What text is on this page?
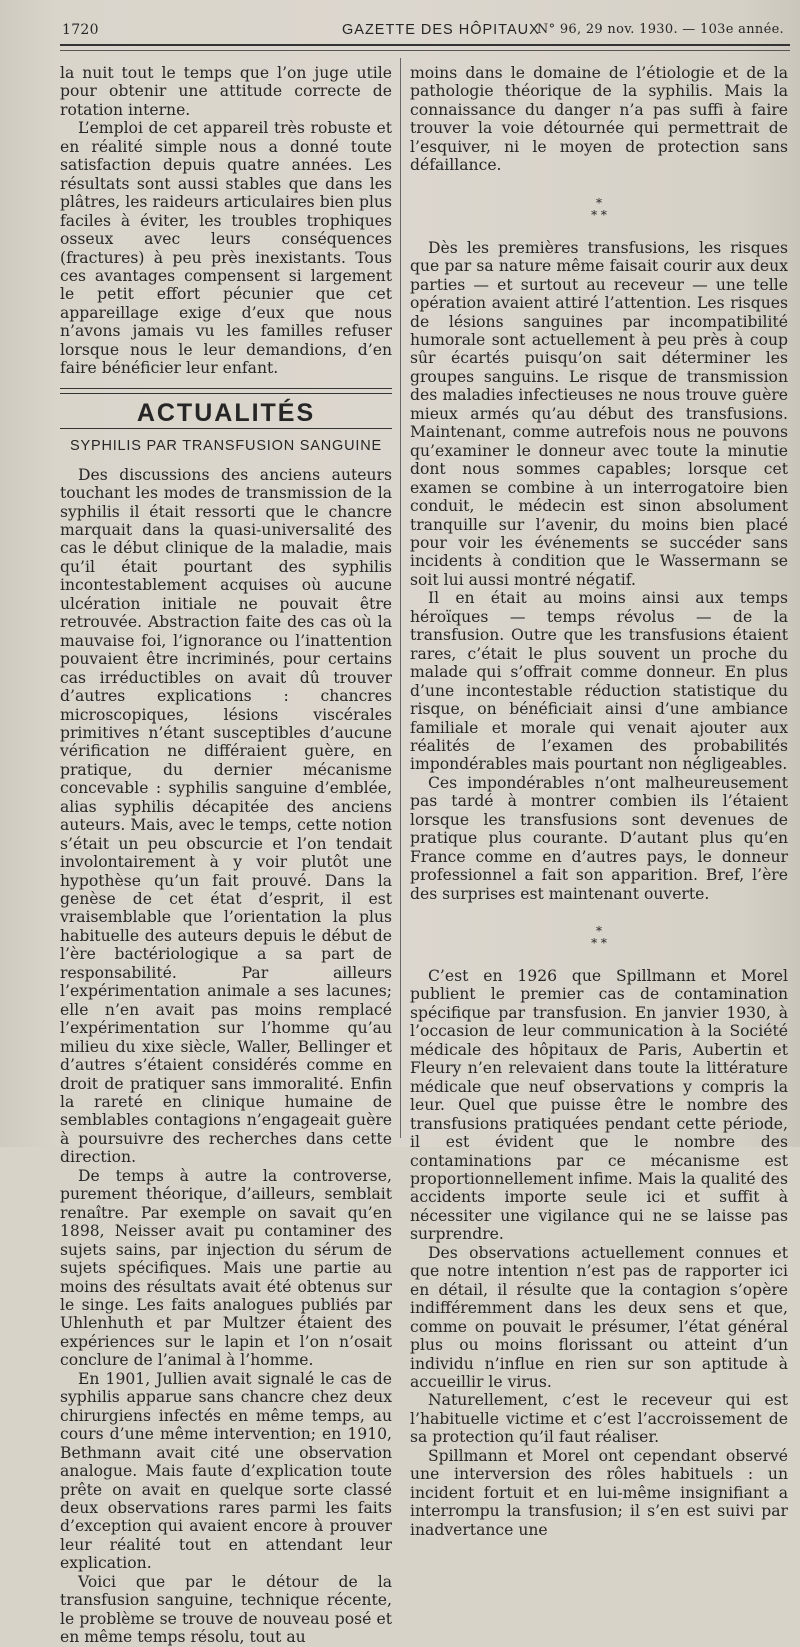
1720	GAZETTE DES HÔPITAUX
N° 96, 29 nov. 1930. — 103e année.

la nuit tout le temps que l’on juge utile pour obtenir une attitude correcte de rotation interne.

L’emploi de cet appareil très robuste et en réalité simple nous a donné toute satisfaction depuis quatre années. Les résultats sont aussi stables que dans les plâtres, les raideurs articulaires bien plus faciles à éviter, les troubles trophiques osseux avec leurs conséquences (fractures) à peu près inexistants. Tous ces avantages compensent si largement le petit effort pécunier que cet appareillage exige d’eux que nous n’avons jamais vu les familles refuser lorsque nous le leur demandions, d’en faire bénéficier leur enfant.

ACTUALITÉS
SYPHILIS PAR TRANSFUSION SANGUINE

Des discussions des anciens auteurs touchant les modes de transmission de la syphilis il était ressorti que le chancre marquait dans la quasi-universalité des cas le début clinique de la maladie, mais qu’il était pourtant des syphilis incontestablement acquises où aucune ulcération initiale ne pouvait être retrouvée. Abstraction faite des cas où la mauvaise foi, l’ignorance ou l’inattention pouvaient être incriminés, pour certains cas irréductibles on avait dû trouver d’autres explications : chancres microscopiques, lésions viscérales primitives n’étant susceptibles d’aucune vérification ne différaient guère, en pratique, du dernier mécanisme concevable : syphilis sanguine d’emblée, alias syphilis décapitée des anciens auteurs. Mais, avec le temps, cette notion s’était un peu obscurcie et l’on tendait involontairement à y voir plutôt une hypothèse qu’un fait prouvé. Dans la genèse de cet état d’esprit, il est vraisemblable que l’orientation la plus habituelle des auteurs depuis le début de l’ère bactériologique a sa part de responsabilité. Par ailleurs l’expérimentation animale a ses lacunes; elle n’en avait pas moins remplacé l’expérimentation sur l’homme qu’au milieu du xixe siècle, Waller, Bellinger et d’autres s’étaient considérés comme en droit de pratiquer sans immoralité. Enfin la rareté en clinique humaine de semblables contagions n’engageait guère à poursuivre des recherches dans cette direction.

De temps à autre la controverse, purement théorique, d’ailleurs, semblait renaître. Par exemple on savait qu’en 1898, Neisser avait pu contaminer des sujets sains, par injection du sérum de sujets spécifiques. Mais une partie au moins des résultats avait été obtenus sur le singe. Les faits analogues publiés par Uhlenhuth et par Multzer étaient des expériences sur le lapin et l’on n’osait conclure de l’animal à l’homme.

En 1901, Jullien avait signalé le cas de syphilis apparue sans chancre chez deux chirurgiens infectés en même temps, au cours d’une même intervention; en 1910, Bethmann avait cité une observation analogue. Mais faute d’explication toute prête on avait en quelque sorte classé deux observations rares parmi les faits d’exception qui avaient encore à prouver leur réalité tout en attendant leur explication.

Voici que par le détour de la transfusion sanguine, technique récente, le problème se trouve de nouveau posé et en même temps résolu, tout au

moins dans le domaine de l’étiologie et de la pathologie théorique de la syphilis. Mais la connaissance du danger n’a pas suffi à faire trouver la voie détournée qui permettrait de l’esquiver, ni le moyen de protection sans défaillance.

*
* *

Dès les premières transfusions, les risques que par sa nature même faisait courir aux deux parties — et surtout au receveur — une telle opération avaient attiré l’attention. Les risques de lésions sanguines par incompatibilité humorale sont actuellement à peu près à coup sûr écartés puisqu’on sait déterminer les groupes sanguins. Le risque de transmission des maladies infectieuses ne nous trouve guère mieux armés qu’au début des transfusions. Maintenant, comme autrefois nous ne pouvons qu’examiner le donneur avec toute la minutie dont nous sommes capables; lorsque cet examen se combine à un interrogatoire bien conduit, le médecin est sinon absolument tranquille sur l’avenir, du moins bien placé pour voir les événements se succéder sans incidents à condition que le Wassermann se soit lui aussi montré négatif.

Il en était au moins ainsi aux temps héroïques — temps révolus — de la transfusion. Outre que les transfusions étaient rares, c’était le plus souvent un proche du malade qui s’offrait comme donneur. En plus d’une incontestable réduction statistique du risque, on bénéficiait ainsi d’une ambiance familiale et morale qui venait ajouter aux réalités de l’examen des probabilités impondérables mais pourtant non négligeables.

Ces impondérables n’ont malheureusement pas tardé à montrer combien ils l’étaient lorsque les transfusions sont devenues de pratique plus courante. D’autant plus qu’en France comme en d’autres pays, le donneur professionnel a fait son apparition. Bref, l’ère des surprises est maintenant ouverte.

*
* *

C’est en 1926 que Spillmann et Morel publient le premier cas de contamination spécifique par transfusion. En janvier 1930, à l’occasion de leur communication à la Société médicale des hôpitaux de Paris, Aubertin et Fleury n’en relevaient dans toute la littérature médicale que neuf observations y compris la leur. Quel que puisse être le nombre des transfusions pratiquées pendant cette période, il est évident que le nombre des contaminations par ce mécanisme est proportionnellement infime. Mais la qualité des accidents importe seule ici et suffit à nécessiter une vigilance qui ne se laisse pas surprendre.

Des observations actuellement connues et que notre intention n’est pas de rapporter ici en détail, il résulte que la contagion s’opère indifféremment dans les deux sens et que, comme on pouvait le présumer, l’état général plus ou moins florissant ou atteint d’un individu n’influe en rien sur son aptitude à accueillir le virus.

Naturellement, c’est le receveur qui est l’habituelle victime et c’est l’accroissement de sa protection qu’il faut réaliser.

Spillmann et Morel ont cependant observé une interversion des rôles habituels : un incident fortuit et en lui-même insignifiant a interrompu la transfusion; il s’en est suivi par inadvertance une
